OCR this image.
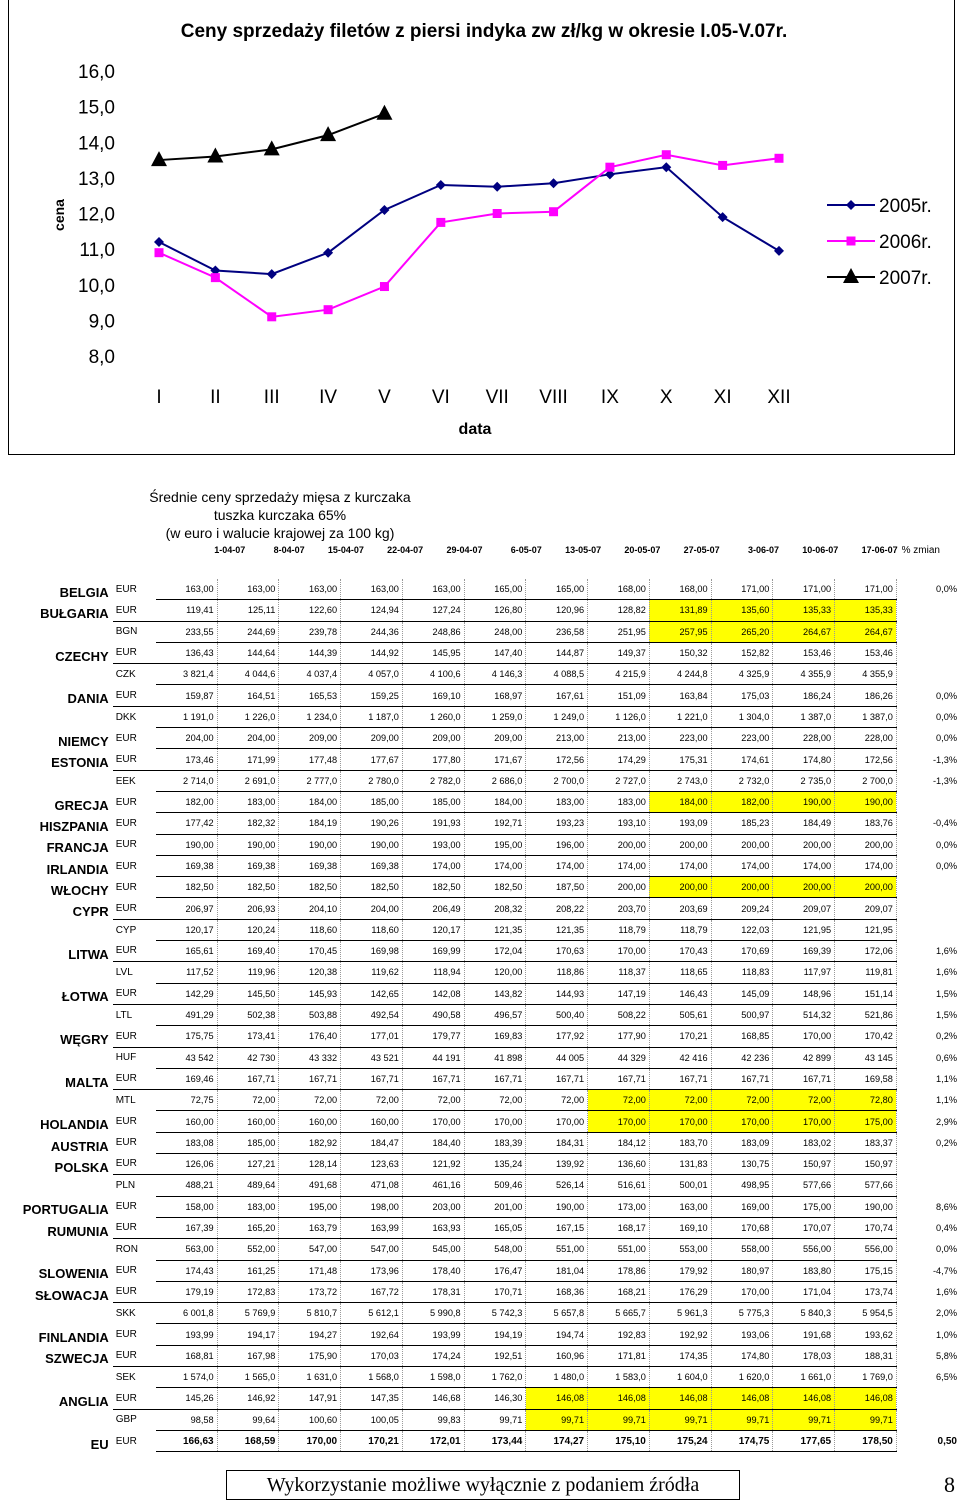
Ceny sprzedaży filetów z piersi indyka zw zł/kg w okresie I.05-V.07r.
cena
data
8,0
9,0
10,0
11,0
12,0
13,0
14,0
15,0
16,0
I	II III IV V VI VII VIII IX X XI XII
2005r.
2006r.
2007r.
Średnie ceny sprzedaży mięsa z kurczaka
tuszka kurczaka 65%
(w euro i walucie krajowej za 100 kg)
1-04-07	8-04-07	15-04-07	22-04-07	29-04-07	6-05-07	13-05-07	20-05-07	27-05-07	3-06-07	10-06-07	17-06-07 % zmian
BELGIA	EUR	163,00	163,00	163,00	163,00	163,00	165,00	165,00	168,00	168,00	171,00	171,00	171,00	0,0%
BUŁGARIA	EUR	119,41	125,11	122,60	124,94	127,24	126,80	120,96	128,82	131,89	135,60	135,33	135,33	
	BGN	233,55	244,69	239,78	244,36	248,86	248,00	236,58	251,95	257,95	265,20	264,67	264,67	
CZECHY	EUR	136,43	144,64	144,39	144,92	145,95	147,40	144,87	149,37	150,32	152,82	153,46	153,46	
	CZK	3 821,4	4 044,6	4 037,4	4 057,0	4 100,6	4 146,3	4 088,5	4 215,9	4 244,8	4 325,9	4 355,9	4 355,9	
DANIA	EUR	159,87	164,51	165,53	159,25	169,10	168,97	167,61	151,09	163,84	175,03	186,24	186,26	0,0%
	DKK	1 191,0	1 226,0	1 234,0	1 187,0	1 260,0	1 259,0	1 249,0	1 126,0	1 221,0	1 304,0	1 387,0	1 387,0	0,0%
NIEMCY	EUR	204,00	204,00	209,00	209,00	209,00	209,00	213,00	213,00	223,00	223,00	228,00	228,00	0,0%
ESTONIA	EUR	173,46	171,99	177,48	177,67	177,80	171,67	172,56	174,29	175,31	174,61	174,80	172,56	-1,3%
	EEK	2 714,0	2 691,0	2 777,0	2 780,0	2 782,0	2 686,0	2 700,0	2 727,0	2 743,0	2 732,0	2 735,0	2 700,0	-1,3%
GRECJA	EUR	182,00	183,00	184,00	185,00	185,00	184,00	183,00	183,00	184,00	182,00	190,00	190,00	
HISZPANIA	EUR	177,42	182,32	184,19	190,26	191,93	192,71	193,23	193,10	193,09	185,23	184,49	183,76	-0,4%
FRANCJA	EUR	190,00	190,00	190,00	190,00	193,00	195,00	196,00	200,00	200,00	200,00	200,00	200,00	0,0%
IRLANDIA	EUR	169,38	169,38	169,38	169,38	174,00	174,00	174,00	174,00	174,00	174,00	174,00	174,00	0,0%
WŁOCHY	EUR	182,50	182,50	182,50	182,50	182,50	182,50	187,50	200,00	200,00	200,00	200,00	200,00	
CYPR	EUR	206,97	206,93	204,10	204,00	206,49	208,32	208,22	203,70	203,69	209,24	209,07	209,07	
	CYP	120,17	120,24	118,60	118,60	120,17	121,35	121,35	118,79	118,79	122,03	121,95	121,95	
LITWA	EUR	165,61	169,40	170,45	169,98	169,99	172,04	170,63	170,00	170,43	170,69	169,39	172,06	1,6%
	LVL	117,52	119,96	120,38	119,62	118,94	120,00	118,86	118,37	118,65	118,83	117,97	119,81	1,6%
ŁOTWA	EUR	142,29	145,50	145,93	142,65	142,08	143,82	144,93	147,19	146,43	145,09	148,96	151,14	1,5%
	LTL	491,29	502,38	503,88	492,54	490,58	496,57	500,40	508,22	505,61	500,97	514,32	521,86	1,5%
WĘGRY	EUR	175,75	173,41	176,40	177,01	179,77	169,83	177,92	177,90	170,21	168,85	170,00	170,42	0,2%
	HUF	43 542	42 730	43 332	43 521	44 191	41 898	44 005	44 329	42 416	42 236	42 899	43 145	0,6%
MALTA	EUR	169,46	167,71	167,71	167,71	167,71	167,71	167,71	167,71	167,71	167,71	167,71	169,58	1,1%
	MTL	72,75	72,00	72,00	72,00	72,00	72,00	72,00	72,00	72,00	72,00	72,00	72,80	1,1%
HOLANDIA	EUR	160,00	160,00	160,00	160,00	170,00	170,00	170,00	170,00	170,00	170,00	170,00	175,00	2,9%
AUSTRIA	EUR	183,08	185,00	182,92	184,47	184,40	183,39	184,31	184,12	183,70	183,09	183,02	183,37	0,2%
POLSKA	EUR	126,06	127,21	128,14	123,63	121,92	135,24	139,92	136,60	131,83	130,75	150,97	150,97	
	PLN	488,21	489,64	491,68	471,08	461,16	509,46	526,14	516,61	500,01	498,95	577,66	577,66	
PORTUGALIA	EUR	158,00	183,00	195,00	198,00	203,00	201,00	190,00	173,00	163,00	169,00	175,00	190,00	8,6%
RUMUNIA	EUR	167,39	165,20	163,79	163,99	163,93	165,05	167,15	168,17	169,10	170,68	170,07	170,74	0,4%
	RON	563,00	552,00	547,00	547,00	545,00	548,00	551,00	551,00	553,00	558,00	556,00	556,00	0,0%
SLOWENIA	EUR	174,43	161,25	171,48	173,96	178,40	176,47	181,04	178,86	179,92	180,97	183,80	175,15	-4,7%
SŁOWACJA	EUR	179,19	172,83	173,72	167,72	178,31	170,71	168,36	168,21	176,29	170,00	171,04	173,74	1,6%
	SKK	6 001,8	5 769,9	5 810,7	5 612,1	5 990,8	5 742,3	5 657,8	5 665,7	5 961,3	5 775,3	5 840,3	5 954,5	2,0%
FINLANDIA	EUR	193,99	194,17	194,27	192,64	193,99	194,19	194,74	192,83	192,92	193,06	191,68	193,62	1,0%
SZWECJA	EUR	168,81	167,98	175,90	170,03	174,24	192,51	160,96	171,81	174,35	174,80	178,03	188,31	5,8%
	SEK	1 574,0	1 565,0	1 631,0	1 568,0	1 598,0	1 762,0	1 480,0	1 583,0	1 604,0	1 620,0	1 661,0	1 769,0	6,5%
ANGLIA	EUR	145,26	146,92	147,91	147,35	146,68	146,30	146,08	146,08	146,08	146,08	146,08	146,08	
	GBP	98,58	99,64	100,60	100,05	99,83	99,71	99,71	99,71	99,71	99,71	99,71	99,71	
EU	EUR	166,63	168,59	170,00	170,21	172,01	173,44	174,27	175,10	175,24	174,75	177,65	178,50	0,50
Wykorzystanie możliwe wyłącznie z podaniem źródła	8
